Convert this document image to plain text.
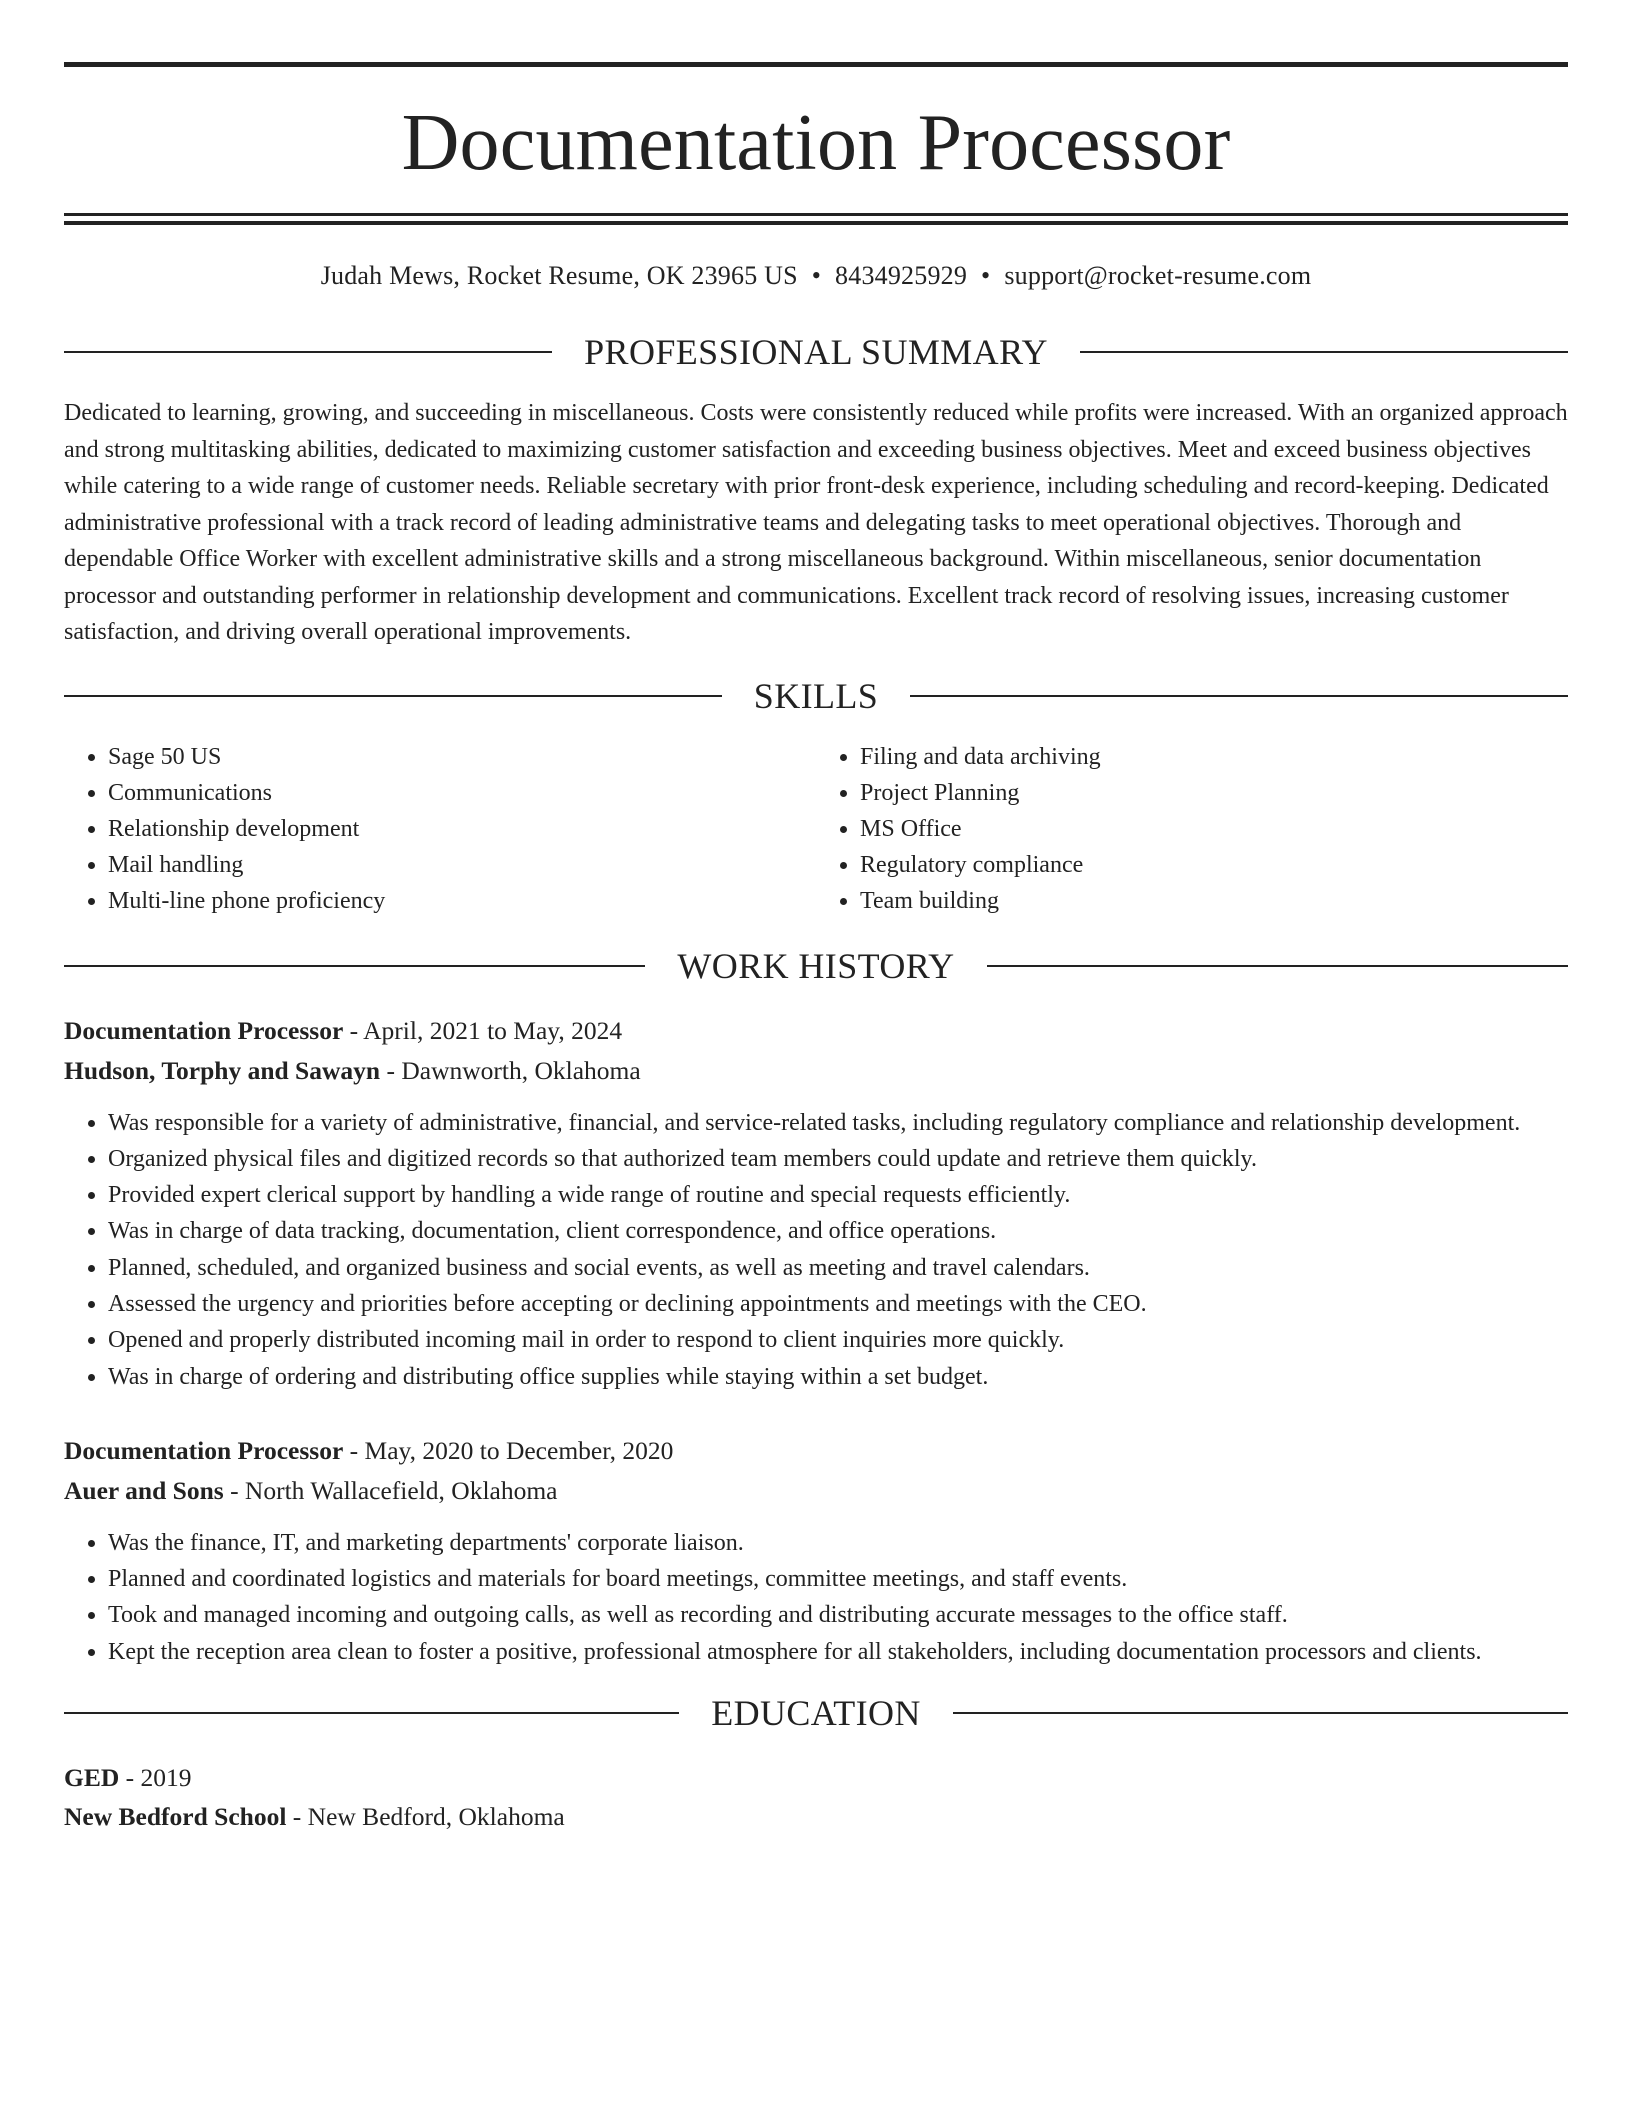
Documentation Processor
Judah Mews, Rocket Resume, OK 23965 US • 8434925929 • support@rocket-resume.com
PROFESSIONAL SUMMARY

Dedicated to learning, growing, and succeeding in miscellaneous. Costs were consistently reduced while profits were increased. With an organized approach and strong multitasking abilities, dedicated to maximizing customer satisfaction and exceeding business objectives. Meet and exceed business objectives while catering to a wide range of customer needs. Reliable secretary with prior front-desk experience, including scheduling and record-keeping. Dedicated administrative professional with a track record of leading administrative teams and delegating tasks to meet operational objectives. Thorough and dependable Office Worker with excellent administrative skills and a strong miscellaneous background. Within miscellaneous, senior documentation processor and outstanding performer in relationship development and communications. Excellent track record of resolving issues, increasing customer satisfaction, and driving overall operational improvements.

SKILLS
• Sage 50 US
• Communications
• Relationship development
• Mail handling
• Multi-line phone proficiency
• Filing and data archiving
• Project Planning
• MS Office
• Regulatory compliance
• Team building
WORK HISTORY
Documentation Processor - April, 2021 to May, 2024
Hudson, Torphy and Sawayn - Dawnworth, Oklahoma
• Was responsible for a variety of administrative, financial, and service-related tasks, including regulatory compliance and relationship development.
• Organized physical files and digitized records so that authorized team members could update and retrieve them quickly.
• Provided expert clerical support by handling a wide range of routine and special requests efficiently.
• Was in charge of data tracking, documentation, client correspondence, and office operations.
• Planned, scheduled, and organized business and social events, as well as meeting and travel calendars.
• Assessed the urgency and priorities before accepting or declining appointments and meetings with the CEO.
• Opened and properly distributed incoming mail in order to respond to client inquiries more quickly.
• Was in charge of ordering and distributing office supplies while staying within a set budget.
Documentation Processor - May, 2020 to December, 2020
Auer and Sons - North Wallacefield, Oklahoma
• Was the finance, IT, and marketing departments' corporate liaison.
• Planned and coordinated logistics and materials for board meetings, committee meetings, and staff events.
• Took and managed incoming and outgoing calls, as well as recording and distributing accurate messages to the office staff.
• Kept the reception area clean to foster a positive, professional atmosphere for all stakeholders, including documentation processors and clients.
EDUCATION
GED - 2019
New Bedford School - New Bedford, Oklahoma
